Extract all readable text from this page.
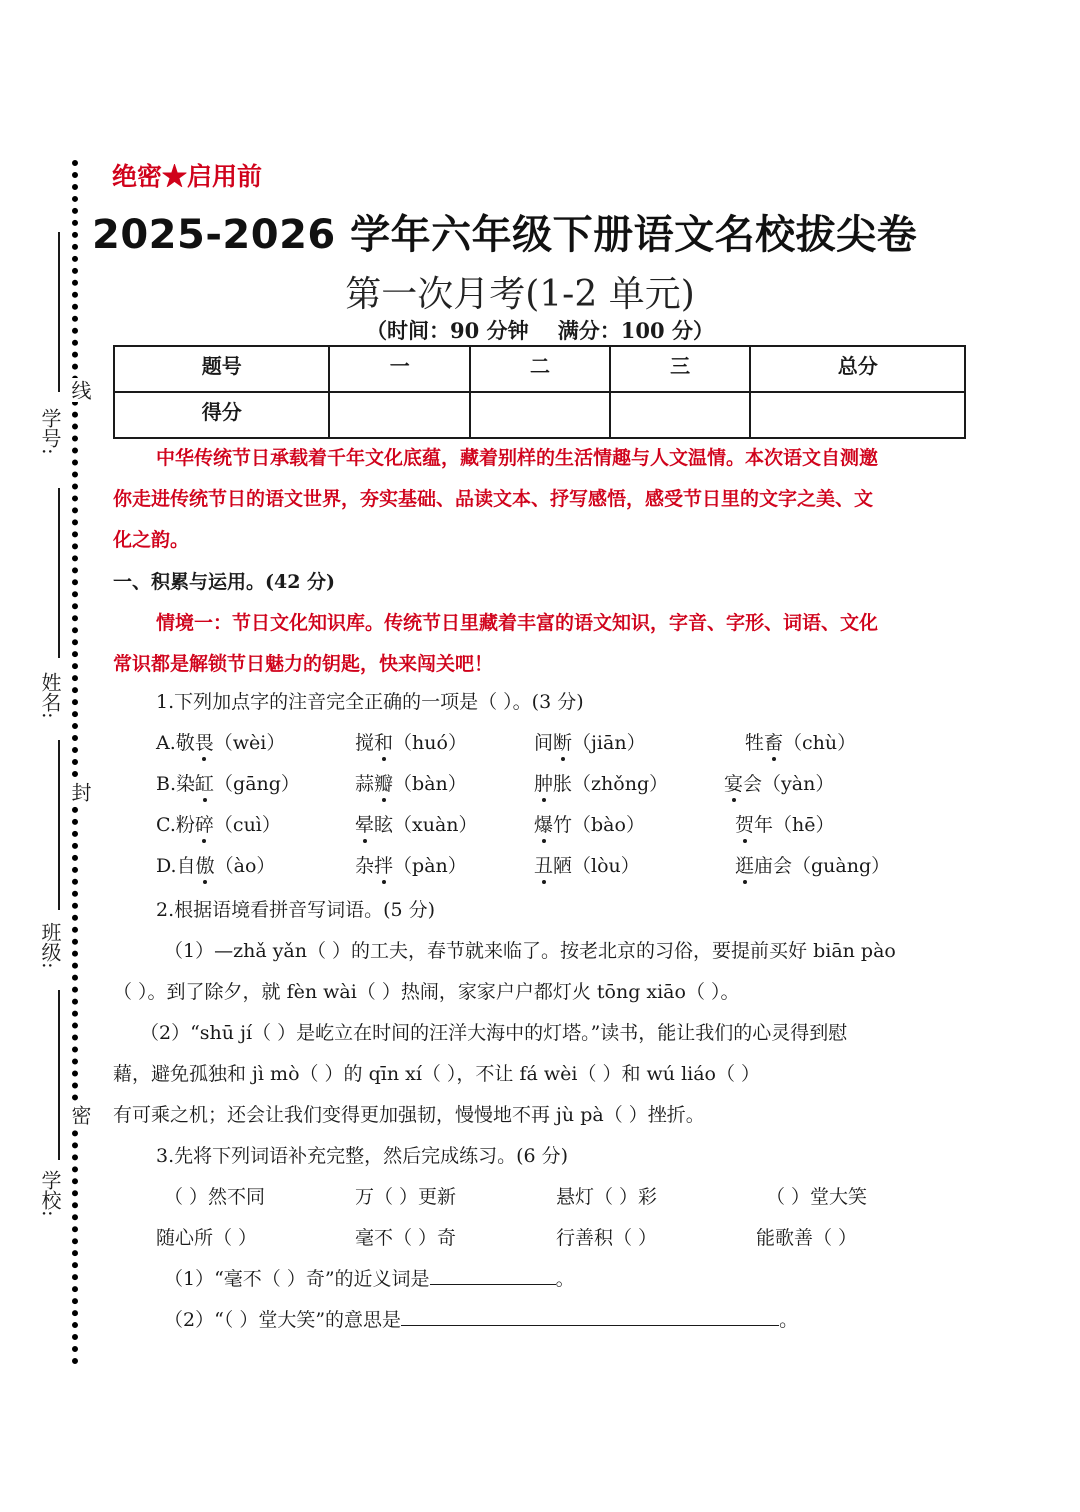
学号:
姓名:
班级:
学校:
线
封
密
绝密★启用前
2025-2026 学年六年级下册语文名校拔尖卷
第一次月考(1-2 单元)
（时间：90 分钟    满分：100 分）
题号	一	二	三	总分
得分				
中华传统节日承载着千年文化底蕴，藏着别样的生活情趣与人文温情。本次语文自测邀
你走进传统节日的语文世界，夯实基础、品读文本、抒写感悟，感受节日里的文字之美、文
化之韵。
一、积累与运用。(42 分)
情境一：节日文化知识库。传统节日里藏着丰富的语文知识，字音、字形、词语、文化
常识都是解锁节日魅力的钥匙，快来闯关吧！
1.下列加点字的注音完全正确的一项是（ ）。(3 分)
A.敬畏（wèi）	搅和（huó）	间断（jiān）	牲畜（chù）
B.染缸（gāng）	蒜瓣（bàn）	肿胀（zhǒng）	宴会（yàn）
C.粉碎（cuì）	晕眩（xuàn）	爆竹（bào）	贺年（hē）
D.自傲（ào）	杂拌（pàn）	丑陋（lòu）	逛庙会（guàng）
2.根据语境看拼音写词语。(5 分)
（1）—zhǎ yǎn（ ）的工夫，春节就来临了。按老北京的习俗，要提前买好 biān pào
（ ）。到了除夕，就 fèn wài（ ）热闹，家家户户都灯火 tōng xiāo（ ）。
（2）“shū jí（ ）是屹立在时间的汪洋大海中的灯塔。”读书，能让我们的心灵得到慰
藉，避免孤独和 jì mò（ ）的 qīn xí（ ），不让 fá wèi（ ）和 wú liáo（ ）
有可乘之机；还会让我们变得更加强韧，慢慢地不再 jù pà（ ）挫折。
3.先将下列词语补充完整，然后完成练习。(6 分)
（ ）然不同	万（ ）更新	悬灯（ ）彩	（ ）堂大笑
随心所（ ）	毫不（ ）奇	行善积（ ）	能歌善（ ）
（1）“毫不（ ）奇”的近义词是	。
（2）“（ ）堂大笑”的意思是	。
